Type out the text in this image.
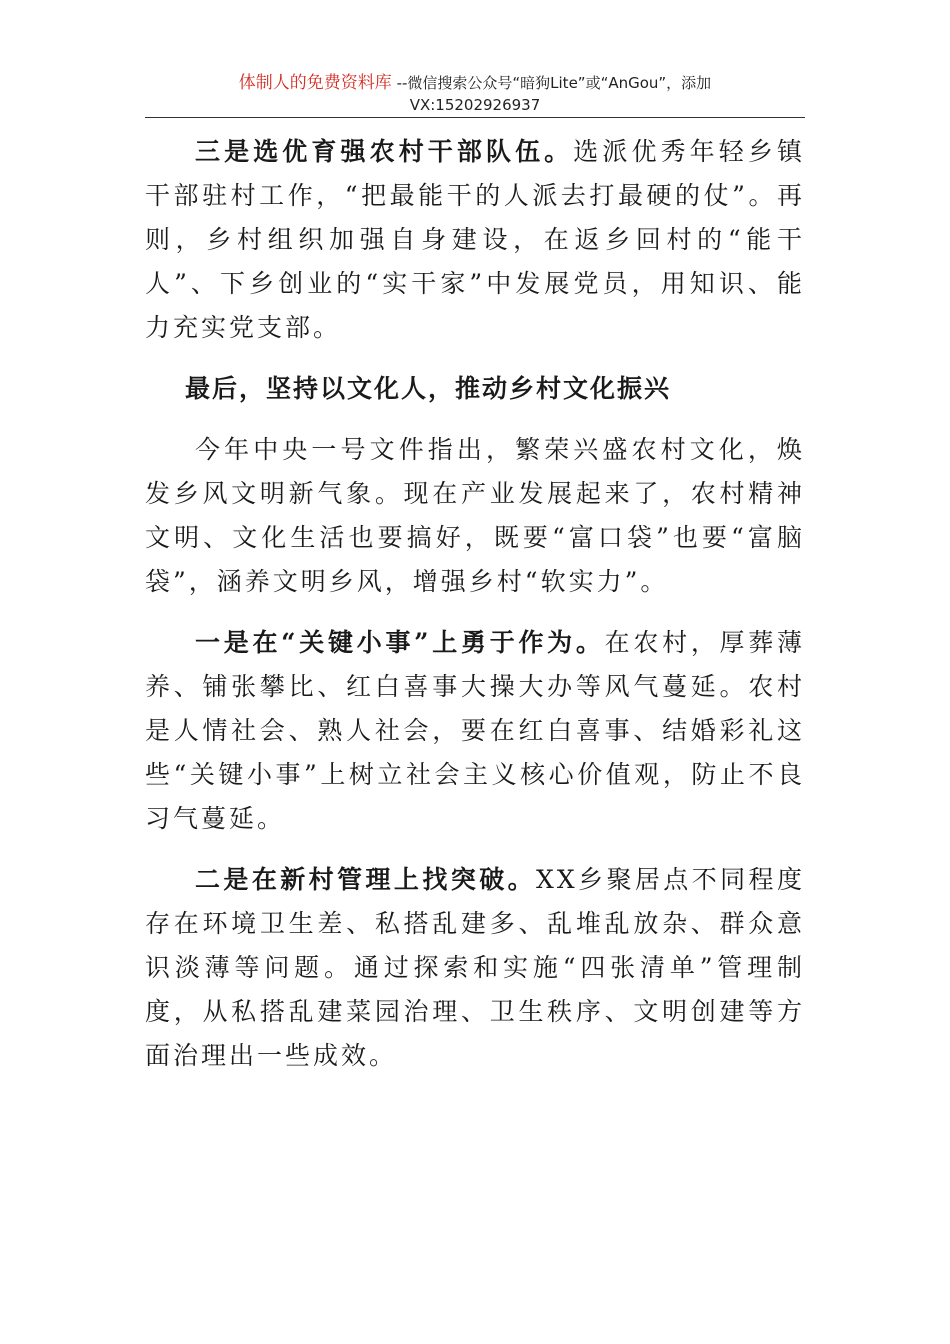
体制人的免费资料库 --微信搜索公众号“暗狗Lite”或“AnGou”，添加
VX:15202926937

三是选优育强农村干部队伍。选派优秀年轻乡镇干部驻村工作，“把最能干的人派去打最硬的仗”。再则，乡村组织加强自身建设，在返乡回村的“能干人”、下乡创业的“实干家”中发展党员，用知识、能力充实党支部。

最后，坚持以文化人，推动乡村文化振兴

今年中央一号文件指出，繁荣兴盛农村文化，焕发乡风文明新气象。现在产业发展起来了，农村精神文明、文化生活也要搞好，既要“富口袋”也要“富脑袋”，涵养文明乡风，增强乡村“软实力”。

一是在“关键小事”上勇于作为。在农村，厚葬薄养、铺张攀比、红白喜事大操大办等风气蔓延。农村是人情社会、熟人社会，要在红白喜事、结婚彩礼这些“关键小事”上树立社会主义核心价值观，防止不良习气蔓延。

二是在新村管理上找突破。XX乡聚居点不同程度存在环境卫生差、私搭乱建多、乱堆乱放杂、群众意识淡薄等问题。通过探索和实施“四张清单”管理制度，从私搭乱建菜园治理、卫生秩序、文明创建等方面治理出一些成效。
